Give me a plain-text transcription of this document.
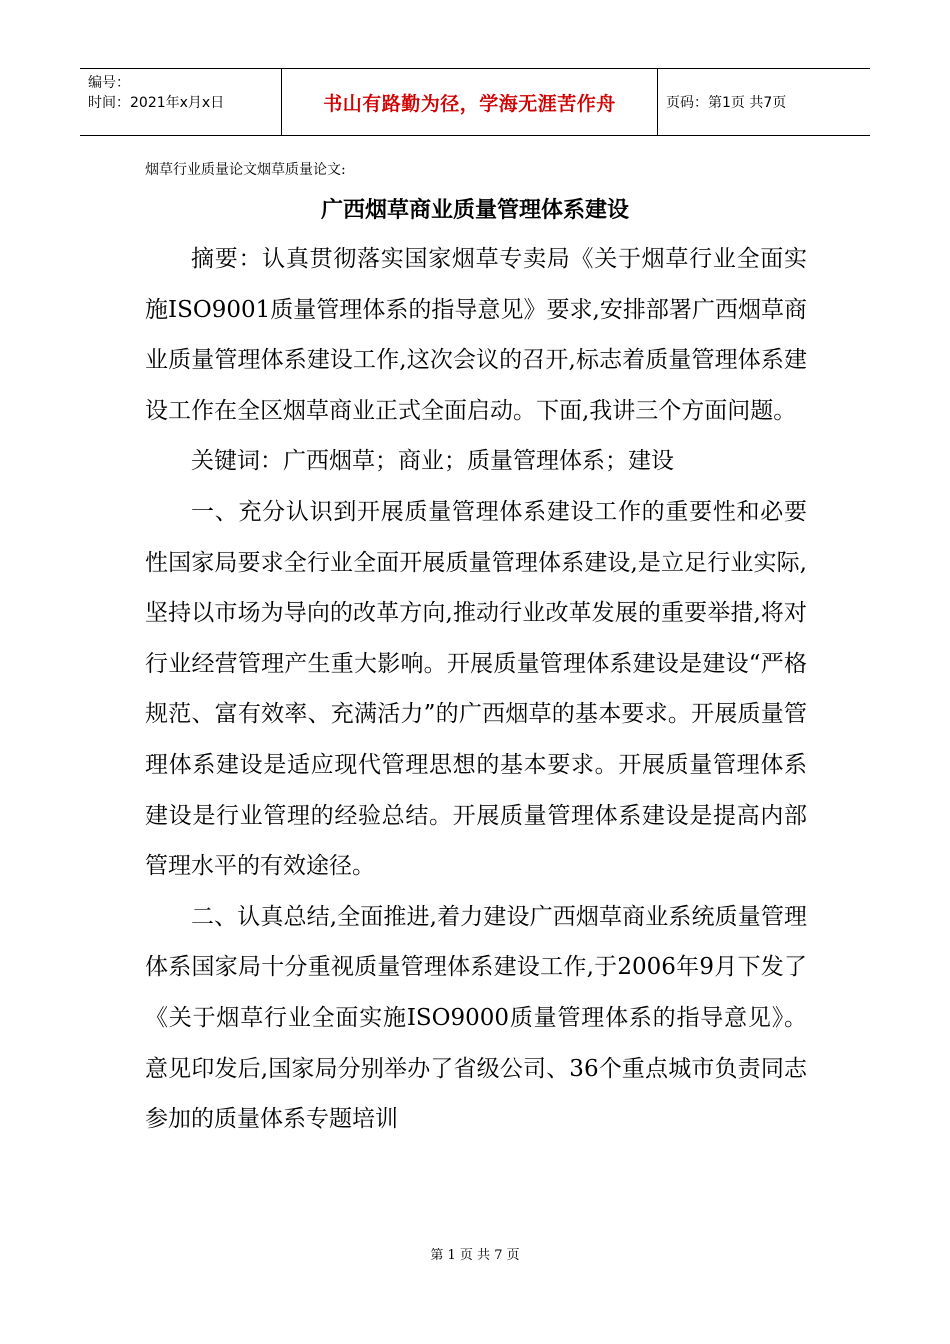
编号：
时间：2021年x月x日	书山有路勤为径，学海无涯苦作舟	页码：第1页 共7页
烟草行业质量论文烟草质量论文:
广西烟草商业质量管理体系建设

摘要：认真贯彻落实国家烟草专卖局《关于烟草行业全面实施ISO9001质量管理体系的指导意见》要求,安排部署广西烟草商业质量管理体系建设工作,这次会议的召开,标志着质量管理体系建设工作在全区烟草商业正式全面启动。下面,我讲三个方面问题。

关键词：广西烟草；商业；质量管理体系；建设

一、充分认识到开展质量管理体系建设工作的重要性和必要性国家局要求全行业全面开展质量管理体系建设,是立足行业实际,坚持以市场为导向的改革方向,推动行业改革发展的重要举措,将对行业经营管理产生重大影响。开展质量管理体系建设是建设“严格规范、富有效率、充满活力”的广西烟草的基本要求。开展质量管理体系建设是适应现代管理思想的基本要求。开展质量管理体系建设是行业管理的经验总结。开展质量管理体系建设是提高内部管理水平的有效途径。

二、认真总结,全面推进,着力建设广西烟草商业系统质量管理体系国家局十分重视质量管理体系建设工作,于2006年9月下发了《关于烟草行业全面实施ISO9000质量管理体系的指导意见》。意见印发后,国家局分别举办了省级公司、36个重点城市负责同志参加的质量体系专题培训

第 1 页 共 7 页
